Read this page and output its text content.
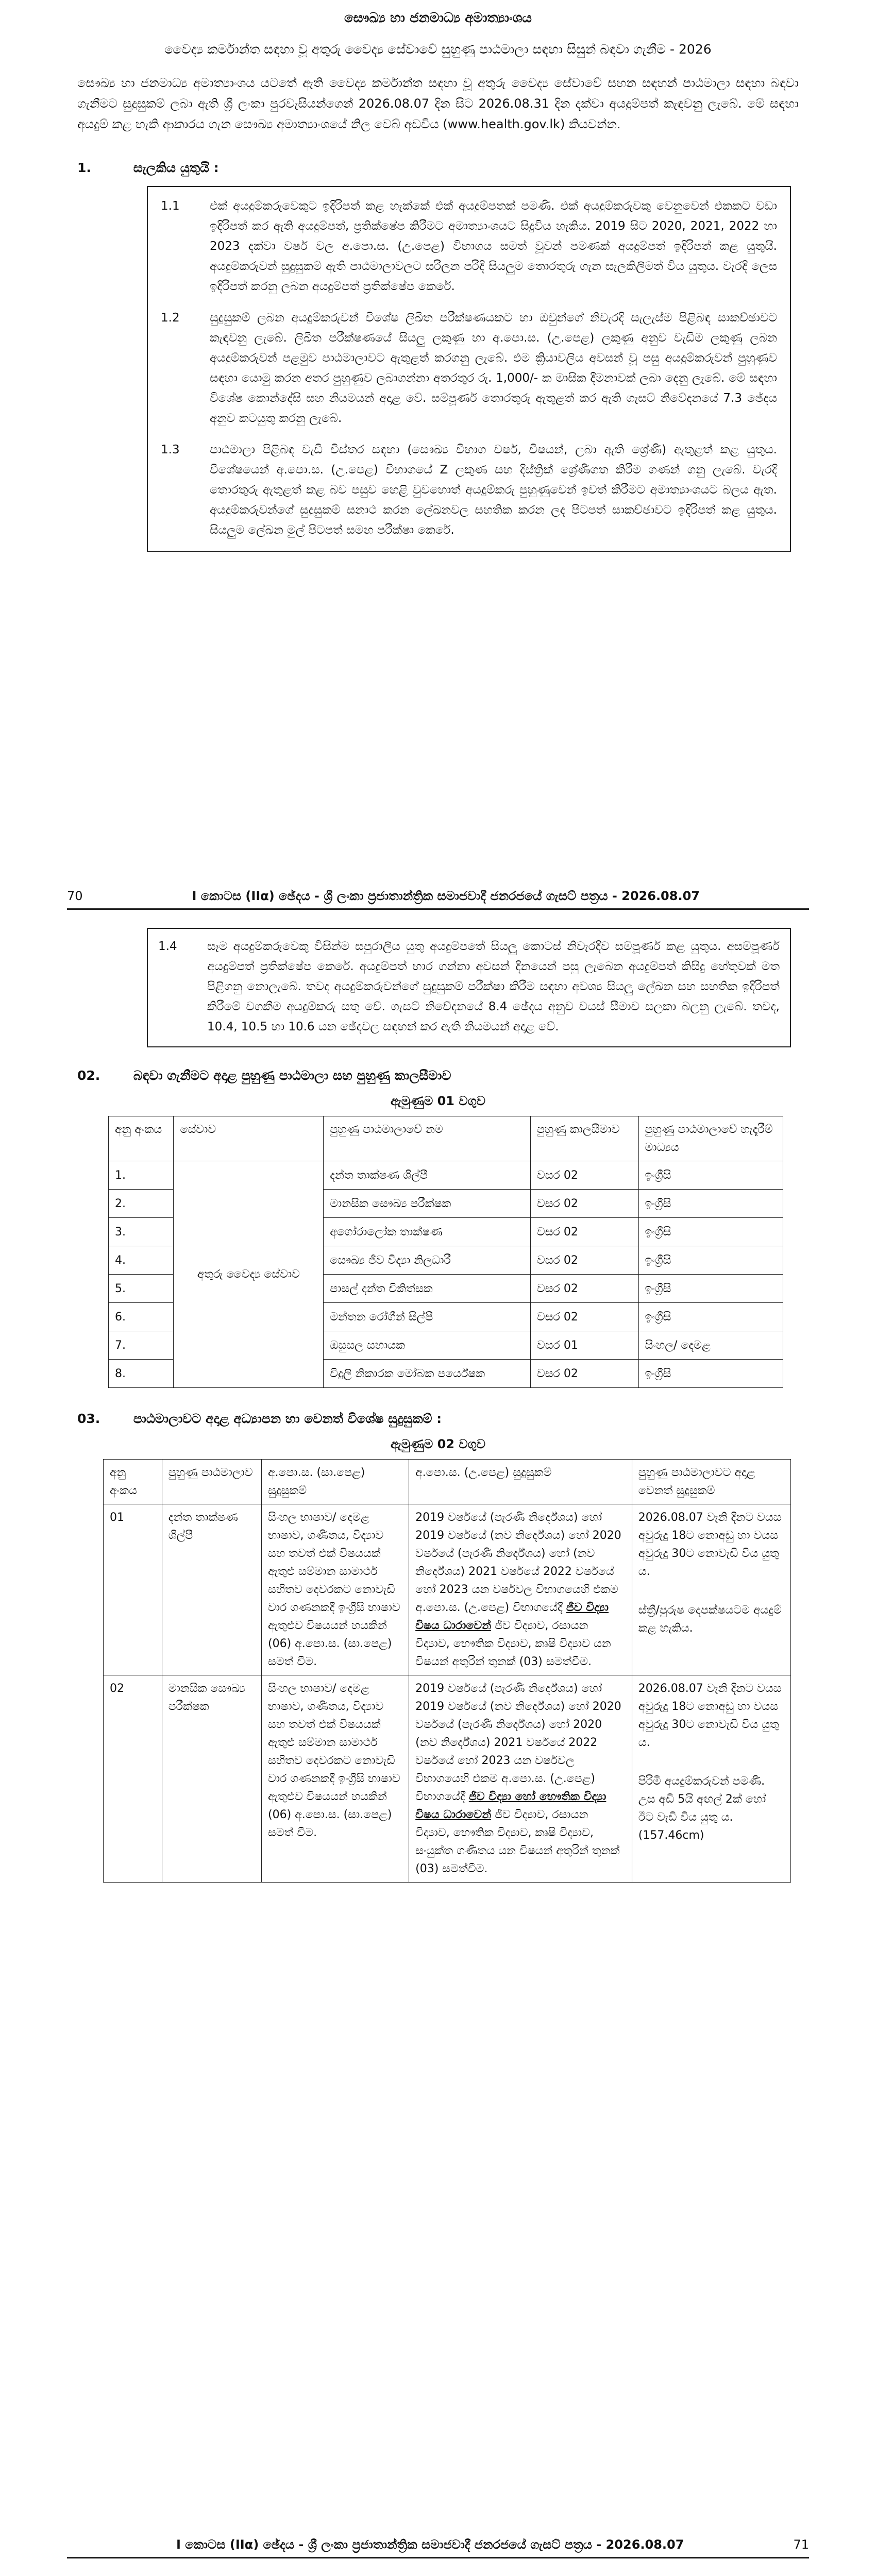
සෞඛ්‍ය හා ජනමාධ්‍ය අමාත්‍යාංශය
වෛද්‍ය කර්මාන්ත සඳහා වූ අතුරු වෛද්‍ය සේවාවේ සුහුණු පාඨමාලා සඳහා සිසුන් බඳවා ගැනීම - 2026
සෞඛ්‍ය හා ජනමාධ්‍ය අමාත්‍යාංශය යටතේ ඇති වෛද්‍ය කර්මාන්ත සඳහා වූ අතුරු වෛද්‍ය සේවාවේ සහන සඳහන් පාඨමාලා සඳහා බඳවා ගැනීමට සුදුසුකම් ලබා ඇති ශ්‍රී ලංකා පුරවැසියන්ගෙන් 2026.08.07 දින සිට 2026.08.31 දින දක්වා අයදුම්පත් කැඳවනු ලැබේ. මේ සඳහා අයදුම් කළ හැකි ආකාරය ගැන සෞඛ්‍ය අමාත්‍යාංශයේ නිල වෙබ් අඩවිය (www.health.gov.lk) කියවන්න.
1.	සැලකිය යුතුයි :
1.1	එක් අයදුම්කරුවෙකුට ඉදිරිපත් කළ හැක්කේ එක් අයදුම්පතක් පමණි. එක් අයදුම්කරුවකු වෙනුවෙන් එකකට වඩා ඉදිරිපත් කර ඇති අයදුම්පත්, ප්‍රතික්ෂේප කිරීමට අමාත්‍යාංශයට සිදුවිය හැකිය. 2019 සිට 2020, 2021, 2022 හා 2023 දක්වා වර්ෂ වල අ.පො.ස. (උ.පෙළ) විභාගය සමත් වූවන් පමණක් අයදුම්පත් ඉදිරිපත් කළ යුතුයි. අයදුම්කරුවන් සුදුසුකම් ඇති පාඨමාලාවලට සරිලන පරිදි සියලුම තොරතුරු ගැන සැලකිලිමත් විය යුතුය. වැරදි ලෙස ඉදිරිපත් කරනු ලබන අයදුම්පත් ප්‍රතික්ෂේප කෙරේ.
1.2	සුදුසුකම් ලබන අයදුම්කරුවන් විශේෂ ලිඛිත පරීක්ෂණයකට හා ඔවුන්ගේ නිවැරදි සැලැස්ම පිළිබඳ සාකච්ඡාවට කැඳවනු ලැබේ. ලිඛිත පරීක්ෂණයේ සියලු ලකුණු හා අ.පො.ස. (උ.පෙළ) ලකුණු අනුව වැඩිම ලකුණු ලබන අයදුම්කරුවන් පළමුව පාඨමාලාවට ඇතුළත් කරගනු ලැබේ. එම ක්‍රියාවලිය අවසන් වූ පසු අයදුම්කරුවන් පුහුණුව සඳහා යොමු කරන අතර පුහුණුව ලබාගන්නා අතරතුර රු. 1,000/- ක මාසික දීමනාවක් ලබා දෙනු ලැබේ. මේ සඳහා විශේෂ කොන්දේසි සහ නියමයන් අදාළ වේ. සම්පූර්ණ තොරතුරු ඇතුළත් කර ඇති ගැසට් නිවේදනයේ 7.3 ඡේදය අනුව කටයුතු කරනු ලැබේ.
1.3	පාඨමාලා පිළිබඳ වැඩි විස්තර සඳහා (සෞඛ්‍ය විභාග වර්ෂ, විෂයන්, ලබා ඇති ශ්‍රේණි) ඇතුළත් කළ යුතුය. විශේෂයෙන් අ.පො.ස. (උ.පෙළ) විභාගයේ Z ලකුණ සහ දිස්ත්‍රික් ශ්‍රේණිගත කිරීම ගණන් ගනු ලැබේ. වැරදි තොරතුරු ඇතුළත් කළ බව පසුව හෙළි වුවහොත් අයදුම්කරු පුහුණුවෙන් ඉවත් කිරීමට අමාත්‍යාංශයට බලය ඇත. අයදුම්කරුවන්ගේ සුදුසුකම් සනාථ කරන ලේඛනවල සහතික කරන ලද පිටපත් සාකච්ඡාවට ඉදිරිපත් කළ යුතුය. සියලුම ලේඛන මුල් පිටපත් සමඟ පරීක්ෂා කෙරේ.
70	I කොටස (IIα) ඡේදය - ශ්‍රී ලංකා ප්‍රජාතාන්ත්‍රික සමාජවාදී ජනරජයේ ගැසට් පත්‍රය - 2026.08.07
1.4	සෑම අයදුම්කරුවෙකු විසින්ම සපුරාලිය යුතු අයදුම්පතේ සියලු කොටස් නිවැරදිව සම්පූර්ණ කළ යුතුය. අසම්පූර්ණ අයදුම්පත් ප්‍රතික්ෂේප කෙරේ. අයදුම්පත් භාර ගන්නා අවසන් දිනයෙන් පසු ලැබෙන අයදුම්පත් කිසිදු හේතුවක් මත පිළිගනු නොලැබේ. තවද අයදුම්කරුවන්ගේ සුදුසුකම් පරීක්ෂා කිරීම සඳහා අවශ්‍ය සියලු ලේඛන සහ සහතික ඉදිරිපත් කිරීමේ වගකීම අයදුම්කරු සතු වේ. ගැසට් නිවේදනයේ 8.4 ඡේදය අනුව වයස් සීමාව සලකා බලනු ලැබේ. තවද, 10.4, 10.5 හා 10.6 යන ඡේදවල සඳහන් කර ඇති නියමයන් අදාළ වේ.
02.	බඳවා ගැනීමට අදාළ පුහුණු පාඨමාලා සහ පුහුණු කාලසීමාව
ඇමුණුම 01 වගුව
අනු අංකය	සේවාව	පුහුණු පාඨමාලාවේ නම	පුහුණු කාලසීමාව	පුහුණු පාඨමාලාවේ හැදෑරීම් මාධ්‍යය
1.	අතුරු වෛද්‍ය සේවාව	දන්ත තාක්ෂණ ශිල්පී	වසර 02	ඉංග්‍රීසි
2.		මානසික සෞඛ්‍ය පරීක්ෂක	වසර 02	ඉංග්‍රීසි
3.		අගෝරාලෝක තාක්ෂණ	වසර 02	ඉංග්‍රීසි
4.		සෞඛ්‍ය ජීව විද්‍යා නිලධාරී	වසර 02	ඉංග්‍රීසි
5.		පාසල් දන්ත චිකිත්සක	වසර 02	ඉංග්‍රීසි
6.		මන්තන රෝගීන් සිල්පී	වසර 02	ඉංග්‍රීසි
7.		ඔසුසල සහායක	වසර 01	සිංහල/ දෙමළ
8.		විදුලි නිකාරක මෝබක පර්යේෂක	වසර 02	ඉංග්‍රීසි
03.	පාඨමාලාවට අදාළ අධ්‍යාපන හා වෙනත් විශේෂ සුදුසුකම් :
ඇමුණුම 02 වගුව
අනු අංකය	පුහුණු පාඨමාලාව	අ.පො.ස. (සා.පෙළ) සුදුසුකම්	අ.පො.ස. (උ.පෙළ) සුදුසුකම්	පුහුණු පාඨමාලාවට අදාළ වෙනත් සුදුසුකම්
01	දන්ත තාක්ෂණ ශිල්පී	සිංහල භාෂාව/ දෙමළ භාෂාව, ගණිතය, විද්‍යාව සහ තවත් එක් විෂයයක් ඇතුළු සම්මාන සාමාර්ථ සහිතව දෙවරකට නොවැඩි වාර ගණනකදී ඉංග්‍රීසි භාෂාව ඇතුළුව විෂයයන් හයකින් (06) අ.පො.ස. (සා.පෙළ) සමත් වීම.	2019 වර්ෂයේ (පැරණි නිර්දේශය) හෝ 2019 වර්ෂයේ (නව නිර්දේශය) හෝ 2020 වර්ෂයේ (පැරණි නිර්දේශය) හෝ (නව නිර්දේශය) 2021 වර්ෂයේ 2022 වර්ෂයේ හෝ 2023 යන වර්ෂවල විභාගයෙහි එකම අ.පො.ස. (උ.පෙළ) විභාගයේදී ජීව විද්‍යා විෂය ධාරාවෙන් ජීව විද්‍යාව, රසායන විද්‍යාව, භෞතික විද්‍යාව, කෘෂි විද්‍යාව යන විෂයන් අතුරින් තුනක් (03) සමත්වීම.	2026.08.07 වැනි දිනට වයස අවුරුදු 18ට නොඅඩු හා වයස අවුරුදු 30ට නොවැඩි විය යුතු ය.
ස්ත්‍රී/පුරුෂ දෙපක්ෂයටම අයදුම් කළ හැකිය.

02	මානසික සෞඛ්‍ය පරීක්ෂක	සිංහල භාෂාව/ දෙමළ භාෂාව, ගණිතය, විද්‍යාව සහ තවත් එක් විෂයයක් ඇතුළු සම්මාන සාමාර්ථ සහිතව දෙවරකට නොවැඩි වාර ගණනකදී ඉංග්‍රීසි භාෂාව ඇතුළුව විෂයයන් හයකින් (06) අ.පො.ස. (සා.පෙළ) සමත් වීම.	2019 වර්ෂයේ (පැරණි නිර්දේශය) හෝ 2019 වර්ෂයේ (නව නිර්දේශය) හෝ 2020 වර්ෂයේ (පැරණි නිර්දේශය) හෝ 2020 (නව නිර්දේශය) 2021 වර්ෂයේ 2022 වර්ෂයේ හෝ 2023 යන වර්ෂවල විභාගයෙහි එකම අ.පො.ස. (උ.පෙළ) විභාගයේදී ජීව විද්‍යා හෝ භෞතික විද්‍යා විෂය ධාරාවෙන් ජීව විද්‍යාව, රසායන විද්‍යාව, භෞතික විද්‍යාව, කෘෂි විද්‍යාව, සංයුක්ත ගණිතය යන විෂයන් අතුරින් තුනක් (03) සමත්වීම.	2026.08.07 වැනි දිනට වයස අවුරුදු 18ට නොඅඩු හා වයස අවුරුදු 30ට නොවැඩි විය යුතු ය.
පිරිමි අයදුම්කරුවන් පමණි. උස අඩි 5යි අඟල් 2ක් හෝ ඊට වැඩි විය යුතු ය. (157.46cm)
I කොටස (IIα) ඡේදය - ශ්‍රී ලංකා ප්‍රජාතාන්ත්‍රික සමාජවාදී ජනරජයේ ගැසට් පත්‍රය - 2026.08.07	71
